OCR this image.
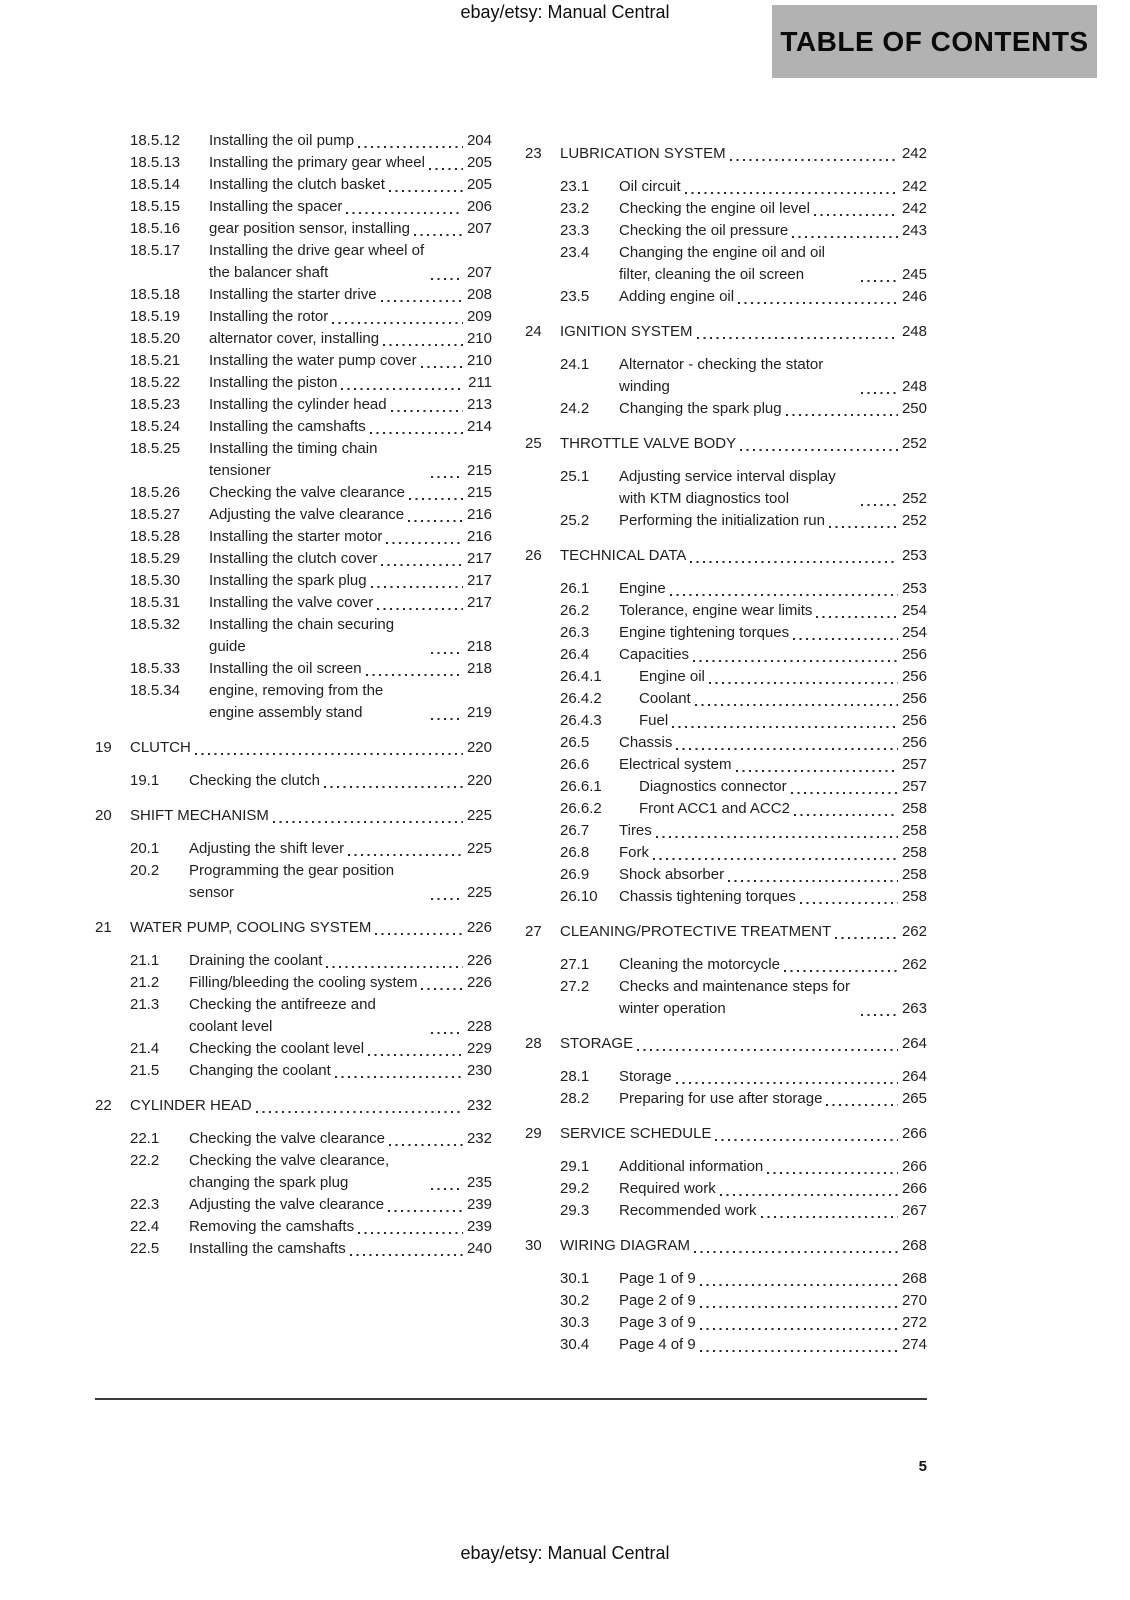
ebay/etsy: Manual Central
TABLE OF CONTENTS
18.5.12	Installing the oil pump	204
18.5.13	Installing the primary gear wheel	205
18.5.14	Installing the clutch basket	205
18.5.15	Installing the spacer	206
18.5.16	gear position sensor, installing	207
18.5.17	Installing the drive gear wheel of the balancer shaft	207
18.5.18	Installing the starter drive	208
18.5.19	Installing the rotor	209
18.5.20	alternator cover, installing	210
18.5.21	Installing the water pump cover	210
18.5.22	Installing the piston	211
18.5.23	Installing the cylinder head	213
18.5.24	Installing the camshafts	214
18.5.25	Installing the timing chain tensioner	215
18.5.26	Checking the valve clearance	215
18.5.27	Adjusting the valve clearance	216
18.5.28	Installing the starter motor	216
18.5.29	Installing the clutch cover	217
18.5.30	Installing the spark plug	217
18.5.31	Installing the valve cover	217
18.5.32	Installing the chain securing guide	218
18.5.33	Installing the oil screen	218
18.5.34	engine, removing from the engine assembly stand	219
19	CLUTCH	220
19.1	Checking the clutch	220
20	SHIFT MECHANISM	225
20.1	Adjusting the shift lever	225
20.2	Programming the gear position sensor	225
21	WATER PUMP, COOLING SYSTEM	226
21.1	Draining the coolant	226
21.2	Filling/bleeding the cooling system	226
21.3	Checking the antifreeze and coolant level	228
21.4	Checking the coolant level	229
21.5	Changing the coolant	230
22	CYLINDER HEAD	232
22.1	Checking the valve clearance	232
22.2	Checking the valve clearance, changing the spark plug	235
22.3	Adjusting the valve clearance	239
22.4	Removing the camshafts	239
22.5	Installing the camshafts	240
23	LUBRICATION SYSTEM	242
23.1	Oil circuit	242
23.2	Checking the engine oil level	242
23.3	Checking the oil pressure	243
23.4	Changing the engine oil and oil filter, cleaning the oil screen	245
23.5	Adding engine oil	246
24	IGNITION SYSTEM	248
24.1	Alternator - checking the stator winding	248
24.2	Changing the spark plug	250
25	THROTTLE VALVE BODY	252
25.1	Adjusting service interval display with KTM diagnostics tool	252
25.2	Performing the initialization run	252
26	TECHNICAL DATA	253
26.1	Engine	253
26.2	Tolerance, engine wear limits	254
26.3	Engine tightening torques	254
26.4	Capacities	256
26.4.1	Engine oil	256
26.4.2	Coolant	256
26.4.3	Fuel	256
26.5	Chassis	256
26.6	Electrical system	257
26.6.1	Diagnostics connector	257
26.6.2	Front ACC1 and ACC2	258
26.7	Tires	258
26.8	Fork	258
26.9	Shock absorber	258
26.10	Chassis tightening torques	258
27	CLEANING/PROTECTIVE TREATMENT	262
27.1	Cleaning the motorcycle	262
27.2	Checks and maintenance steps for winter operation	263
28	STORAGE	264
28.1	Storage	264
28.2	Preparing for use after storage	265
29	SERVICE SCHEDULE	266
29.1	Additional information	266
29.2	Required work	266
29.3	Recommended work	267
30	WIRING DIAGRAM	268
30.1	Page 1 of 9	268
30.2	Page 2 of 9	270
30.3	Page 3 of 9	272
30.4	Page 4 of 9	274
5
ebay/etsy: Manual Central
